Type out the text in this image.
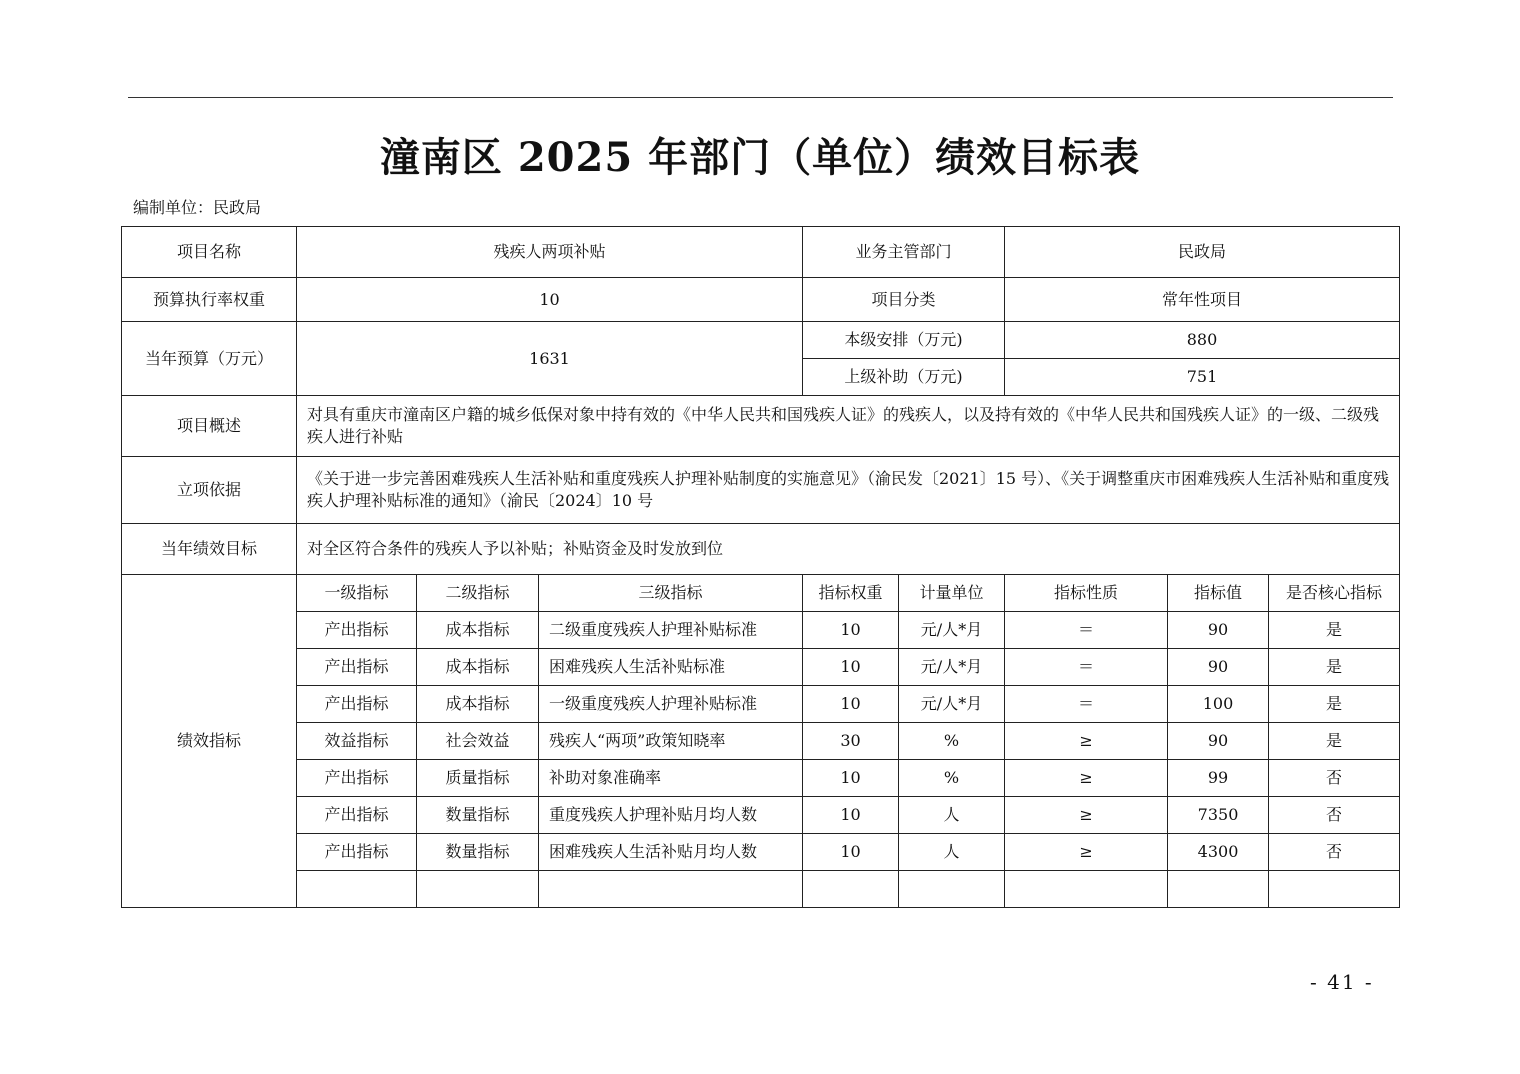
潼南区 2025 年部门（单位）绩效目标表
编制单位：民政局
项目名称	残疾人两项补贴			业务主管部门		民政局		
预算执行率权重	10			项目分类		常年性项目		
当年预算（万元）	1631			本级安排（万元)		880		
				上级补助（万元)		751		
项目概述	对具有重庆市潼南区户籍的城乡低保对象中持有效的《中华人民共和国残疾人证》的残疾人，以及持有效的《中华人民共和国残疾人证》的一级、二级残疾人进行补贴							
立项依据	《关于进一步完善困难残疾人生活补贴和重度残疾人护理补贴制度的实施意见》（渝民发〔2021〕15 号）、《关于调整重庆市困难残疾人生活补贴和重度残疾人护理补贴标准的通知》（渝民〔2024〕10 号							
当年绩效目标	对全区符合条件的残疾人予以补贴；补贴资金及时发放到位							
绩效指标	一级指标	二级指标	三级指标	指标权重	计量单位	指标性质	指标值	是否核心指标
	产出指标	成本指标	二级重度残疾人护理补贴标准	10	元/人*月	＝	90	是
	产出指标	成本指标	困难残疾人生活补贴标准	10	元/人*月	＝	90	是
	产出指标	成本指标	一级重度残疾人护理补贴标准	10	元/人*月	＝	100	是
	效益指标	社会效益	残疾人“两项”政策知晓率	30	%	≥	90	是
	产出指标	质量指标	补助对象准确率	10	%	≥	99	否
	产出指标	数量指标	重度残疾人护理补贴月均人数	10	人	≥	7350	否
	产出指标	数量指标	困难残疾人生活补贴月均人数	10	人	≥	4300	否

- 41 -
